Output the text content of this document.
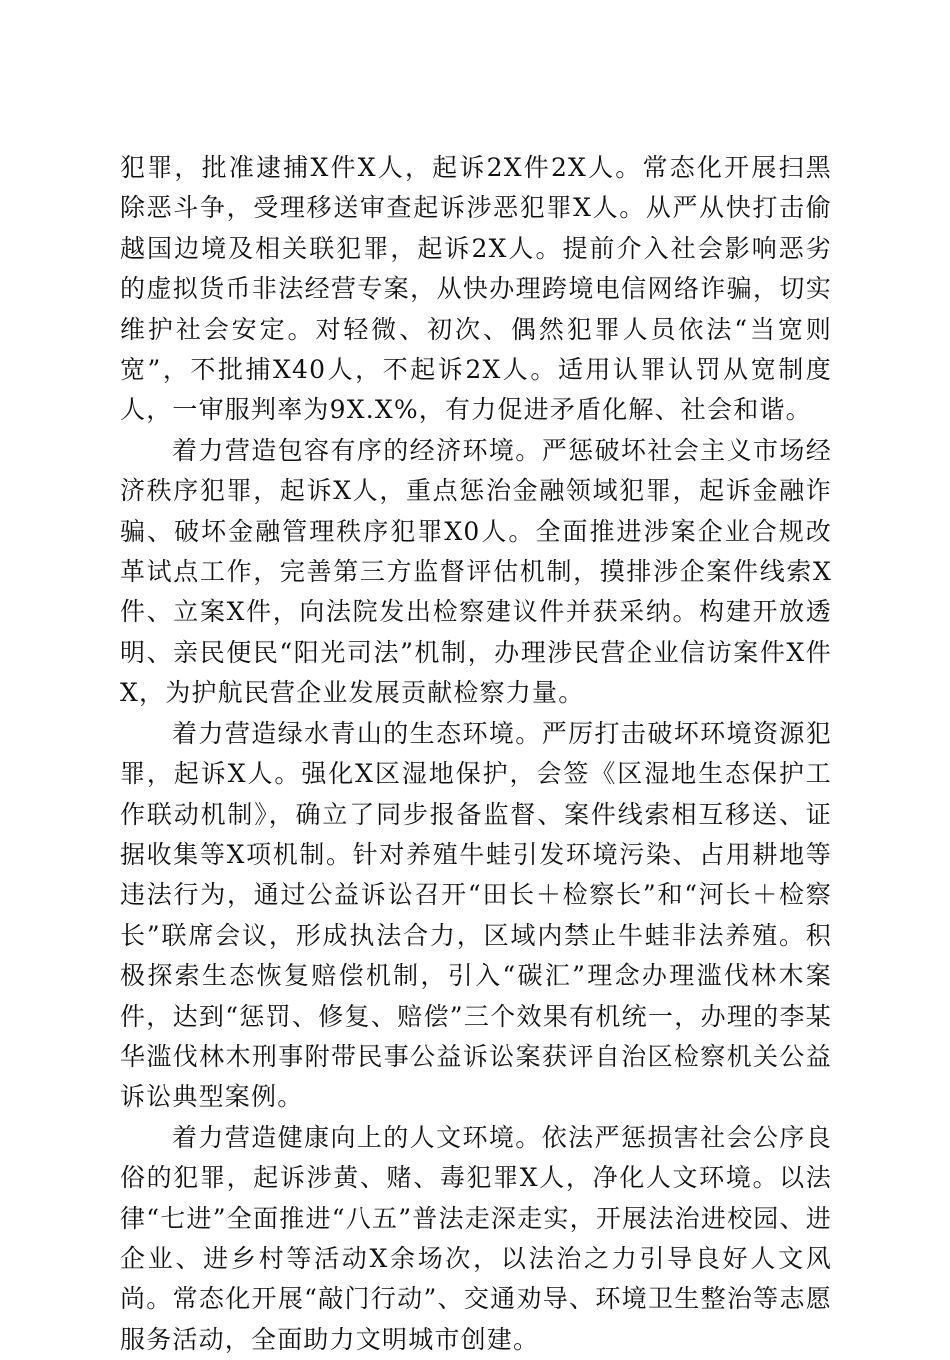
犯罪，批准逮捕X件X人，起诉2X件2X人。常态化开展扫黑除恶斗争，受理移送审查起诉涉恶犯罪X人。从严从快打击偷越国边境及相关联犯罪，起诉2X人。提前介入社会影响恶劣的虚拟货币非法经营专案，从快办理跨境电信网络诈骗，切实维护社会安定。对轻微、初次、偶然犯罪人员依法“当宽则宽”，不批捕X40人，不起诉2X人。适用认罪认罚从宽制度人，一审服判率为9X.X%，有力促进矛盾化解、社会和谐。

着力营造包容有序的经济环境。严惩破坏社会主义市场经济秩序犯罪，起诉X人，重点惩治金融领域犯罪，起诉金融诈骗、破坏金融管理秩序犯罪X0人。全面推进涉案企业合规改革试点工作，完善第三方监督评估机制，摸排涉企案件线索X件、立案X件，向法院发出检察建议件并获采纳。构建开放透明、亲民便民“阳光司法”机制，办理涉民营企业信访案件X件X，为护航民营企业发展贡献检察力量。

着力营造绿水青山的生态环境。严厉打击破坏环境资源犯罪，起诉X人。强化X区湿地保护，会签《区湿地生态保护工作联动机制》，确立了同步报备监督、案件线索相互移送、证据收集等X项机制。针对养殖牛蛙引发环境污染、占用耕地等违法行为，通过公益诉讼召开“田长＋检察长”和“河长＋检察长”联席会议，形成执法合力，区域内禁止牛蛙非法养殖。积极探索生态恢复赔偿机制，引入“碳汇”理念办理滥伐林木案件，达到“惩罚、修复、赔偿”三个效果有机统一，办理的李某华滥伐林木刑事附带民事公益诉讼案获评自治区检察机关公益诉讼典型案例。

着力营造健康向上的人文环境。依法严惩损害社会公序良俗的犯罪，起诉涉黄、赌、毒犯罪X人，净化人文环境。以法律“七进”全面推进“八五”普法走深走实，开展法治进校园、进企业、进乡村等活动X余场次，以法治之力引导良好人文风尚。常态化开展“敲门行动”、交通劝导、环境卫生整治等志愿服务活动，全面助力文明城市创建。
